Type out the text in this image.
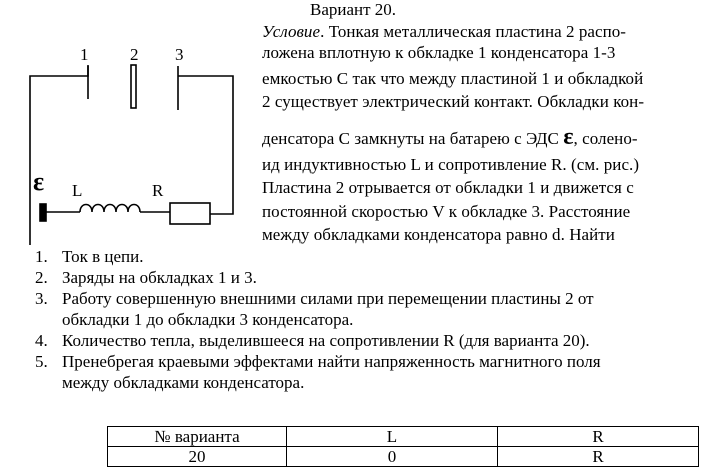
Вариант 20.
Условие. Тонкая металлическая пластина 2 распо-
ложена вплотную к обкладке 1 конденсатора 1-3
емкостью С так что между пластиной 1 и обкладкой
2 существует электрический контакт. Обкладки кон-
денсатора С замкнуты на батарею с ЭДС ε, солено-
ид индуктивностью L и сопротивление R. (см. рис.)
Пластина 2 отрывается от обкладки 1 и движется с
постоянной скоростью V к обкладке 3. Расстояние
между обкладками конденсатора равно d. Найти
1 2 3
ε L	R
1. Ток в цепи.
2. Заряды на обкладках 1 и 3.
3. Работу совершенную внешними силами при перемещении пластины 2 от
обкладки 1 до обкладки 3 конденсатора.
4. Количество тепла, выделившееся на сопротивлении R (для варианта 20).
5. Пренебрегая краевыми эффектами найти напряженность магнитного поля
между обкладками конденсатора.
№ варианта	L	R
20	0	R
